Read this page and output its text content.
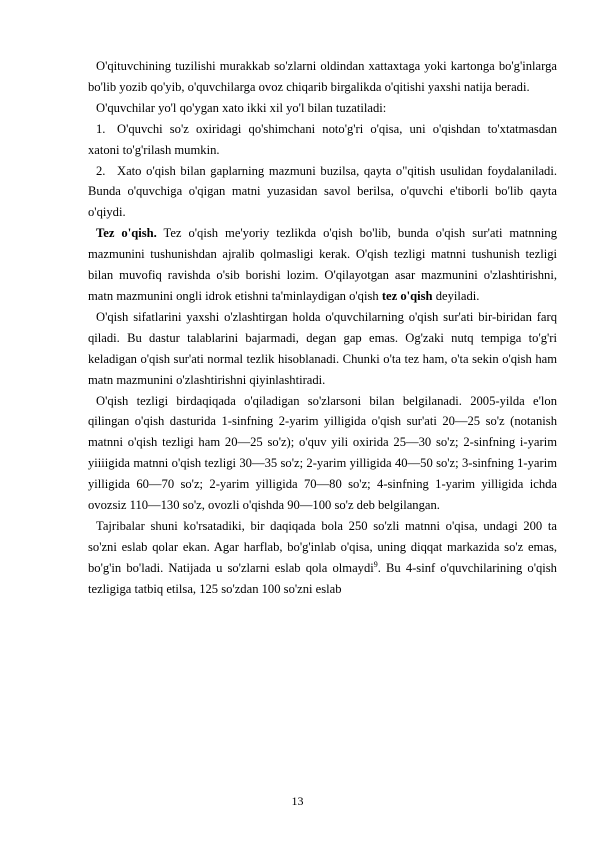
O'qituvchining tuzilishi murakkab so'zlarni oldindan xattaxtaga yoki kartonga bo'g'inlarga bo'lib yozib qo'yib, o'quvchilarga ovoz chiqarib birgalikda o'qitishi yaxshi natija beradi.

O'quvchilar yo'l qo'ygan xato ikki xil yo'l bilan tuzatiladi:

1. O'quvchi so'z oxiridagi qo'shimchani noto'g'ri o'qisa, uni o'qishdan to'xtatmasdan xatoni to'g'rilash mumkin.

2. Xato o'qish bilan gaplarning mazmuni buzilsa, qayta o"qitish usulidan foydalaniladi. Bunda o'quvchiga o'qigan matni yuzasidan savol berilsa, o'quvchi e'tiborli bo'lib qayta o'qiydi.

Tez o'qish. Tez o'qish me'yoriy tezlikda o'qish bo'lib, bunda o'qish sur'ati matnning mazmunini tushunishdan ajralib qolmasligi kerak. O'qish tezligi matnni tushunish tezligi bilan muvofiq ravishda o'sib borishi lozim. O'qilayotgan asar mazmunini o'zlashtirishni, matn mazmunini ongli idrok etishni ta'minlaydigan o'qish tez o'qish deyiladi.

O'qish sifatlarini yaxshi o'zlashtirgan holda o'quvchilarning o'qish sur'ati bir-biridan farq qiladi. Bu dastur talablarini bajarmadi, degan gap emas. Og'zaki nutq tempiga to'g'ri keladigan o'qish sur'ati normal tezlik hisoblanadi. Chunki o'ta tez ham, o'ta sekin o'qish ham matn mazmunini o'zlashtirishni qiyinlashtiradi.

O'qish tezligi birdaqiqada o'qiladigan so'zlarsoni bilan belgilanadi. 2005-yilda e'lon qilingan o'qish dasturida 1-sinfning 2-yarim yilligida o'qish sur'ati 20—25 so'z (notanish matnni o'qish tezligi ham 20—25 so'z); o'quv yili oxirida 25—30 so'z; 2-sinfning i-yarim yiiiigida matnni o'qish tezligi 30—35 so'z; 2-yarim yilligida 40—50 so'z; 3-sinfning 1-yarim yilligida 60—70 so'z; 2-yarim yilligida 70—80 so'z; 4-sinfning 1-yarim yilligida ichda ovozsiz 110—130 so'z, ovozli o'qishda 90—100 so'z deb belgilangan.

Tajribalar shuni ko'rsatadiki, bir daqiqada bola 250 so'zli matnni o'qisa, undagi 200 ta so'zni eslab qolar ekan. Agar harflab, bo'g'inlab o'qisa, uning diqqat markazida so'z emas, bo'g'in bo'ladi. Natijada u so'zlarni eslab qola olmaydi$^9$. Bu 4-sinf o'quvchilarining o'qish tezligiga tatbiq etilsa, 125 so'zdan 100 so'zni eslab

13
